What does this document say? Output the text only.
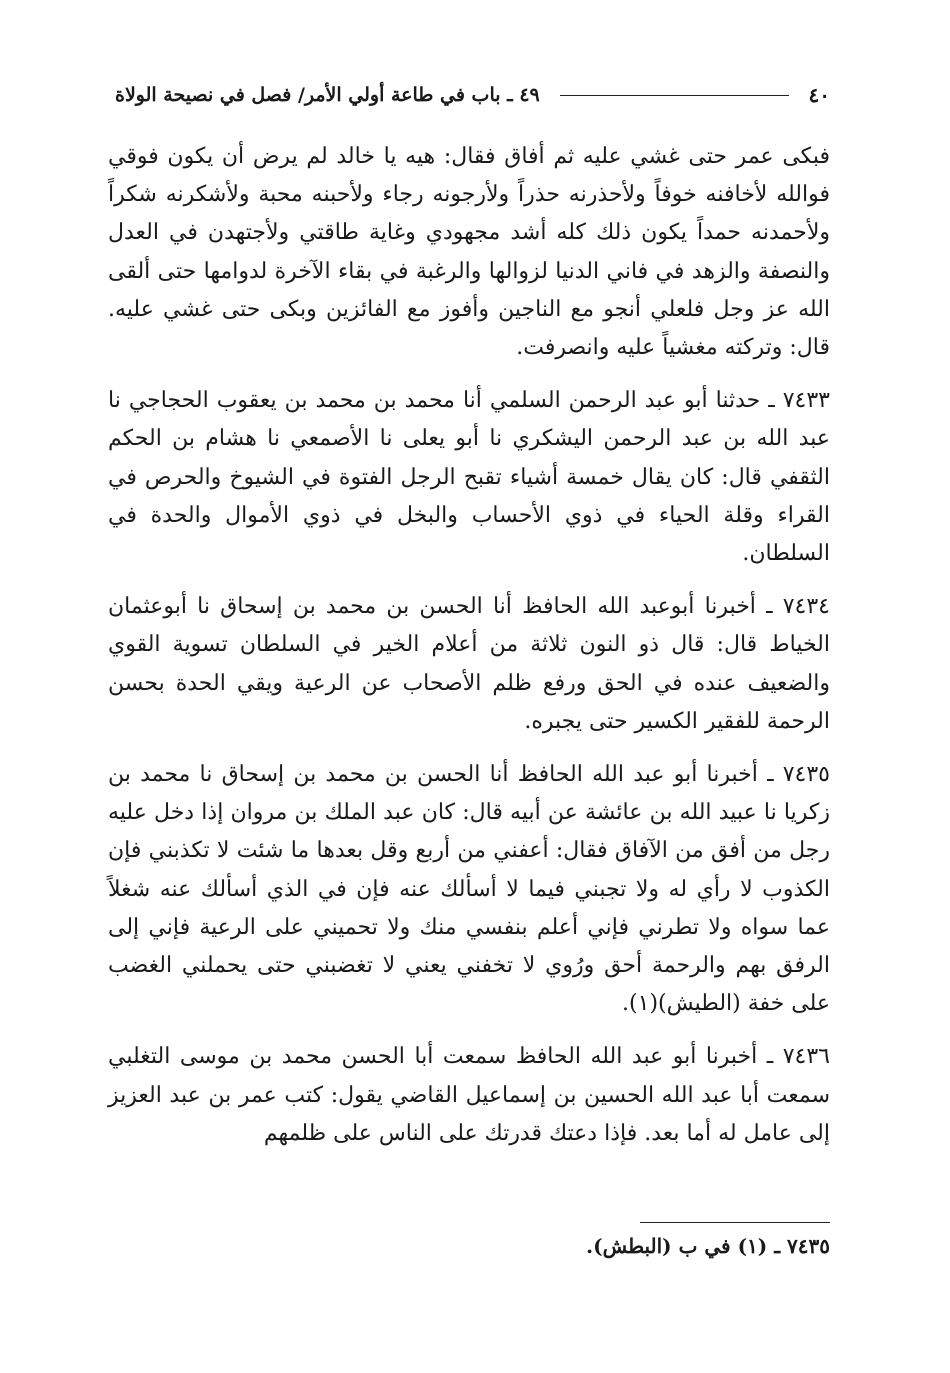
٤٠
٤٩ ـ باب في طاعة أولي الأمر/ فصل في نصيحة الولاة

فبكى عمر حتى غشي عليه ثم أفاق فقال: هيه يا خالد لم يرض أن يكون فوقي فوالله لأخافنه خوفاً ولأحذرنه حذراً ولأرجونه رجاء ولأحبنه محبة ولأشكرنه شكراً ولأحمدنه حمداً يكون ذلك كله أشد مجهودي وغاية طاقتي ولأجتهدن في العدل والنصفة والزهد في فاني الدنيا لزوالها والرغبة في بقاء الآخرة لدوامها حتى ألقى الله عز وجل فلعلي أنجو مع الناجين وأفوز مع الفائزين وبكى حتى غشي عليه. قال: وتركته مغشياً عليه وانصرفت.

٧٤٣٣ ـ حدثنا أبو عبد الرحمن السلمي أنا محمد بن محمد بن يعقوب الحجاجي نا عبد الله بن عبد الرحمن اليشكري نا أبو يعلى نا الأصمعي نا هشام بن الحكم الثقفي قال: كان يقال خمسة أشياء تقبح الرجل الفتوة في الشيوخ والحرص في القراء وقلة الحياء في ذوي الأحساب والبخل في ذوي الأموال والحدة في السلطان.

٧٤٣٤ ـ أخبرنا أبوعبد الله الحافظ أنا الحسن بن محمد بن إسحاق نا أبوعثمان الخياط قال: قال ذو النون ثلاثة من أعلام الخير في السلطان تسوية القوي والضعيف عنده في الحق ورفع ظلم الأصحاب عن الرعية ويقي الحدة بحسن الرحمة للفقير الكسير حتى يجبره.

٧٤٣٥ ـ أخبرنا أبو عبد الله الحافظ أنا الحسن بن محمد بن إسحاق نا محمد بن زكريا نا عبيد الله بن عائشة عن أبيه قال: كان عبد الملك بن مروان إذا دخل عليه رجل من أفق من الآفاق فقال: أعفني من أربع وقل بعدها ما شئت لا تكذبني فإن الكذوب لا رأي له ولا تجبني فيما لا أسألك عنه فإن في الذي أسألك عنه شغلاً عما سواه ولا تطرني فإني أعلم بنفسي منك ولا تحميني على الرعية فإني إلى الرفق بهم والرحمة أحق ورُوي لا تخفني يعني لا تغضبني حتى يحملني الغضب على خفة (الطيش)(١).

٧٤٣٦ ـ أخبرنا أبو عبد الله الحافظ سمعت أبا الحسن محمد بن موسى التغلبي سمعت أبا عبد الله الحسين بن إسماعيل القاضي يقول: كتب عمر بن عبد العزيز إلى عامل له أما بعد. فإذا دعتك قدرتك على الناس على ظلمهم

٧٤٣٥ ـ (١) في ب (البطش).
